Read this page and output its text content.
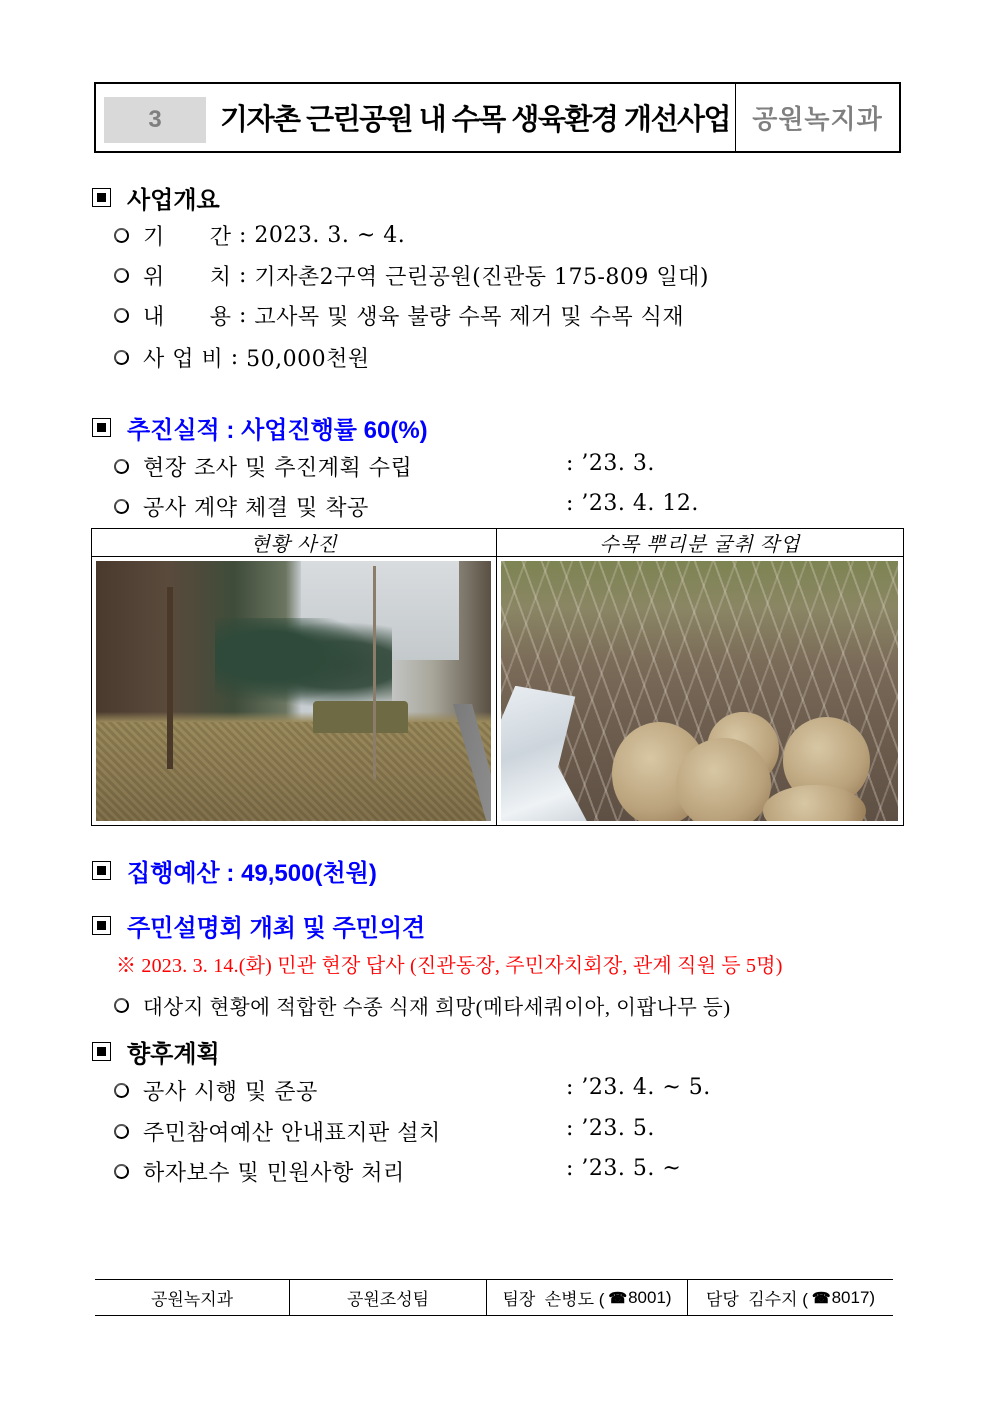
3	기자촌 근린공원 내 수목 생육환경 개선사업 공원녹지과
사업개요
기      간 : 2023. 3. ~ 4.
위      치 : 기자촌2구역 근린공원(진관동 175-809 일대)
내      용 : 고사목 및 생육 불량 수목 제거 및 수목 식재
사 업 비 : 50,000천원
추진실적 : 사업진행률 60(%)
현장 조사 및 추진계획 수립	: ’23. 3.
공사 계약 체결 및 착공	: ’23. 4. 12.
현황 사진	수목 뿌리분 굴취 작업
집행예산 : 49,500(천원)
주민설명회 개최 및 주민의견
※ 2023. 3. 14.(화) 민관 현장 답사 (진관동장, 주민자치회장, 관계 직원 등 5명)
대상지 현황에 적합한 수종 식재 희망(메타세쿼이아, 이팝나무 등)
향후계획
공사 시행 및 준공	: ’23. 4. ~ 5.
주민참여예산 안내표지판 설치	: ’23. 5.
하자보수 및 민원사항 처리	: ’23. 5. ~
공원녹지과	공원조성팀	팀장  손병도 ( ☎ 8001) 담당  김수지 ( ☎ 8017)
